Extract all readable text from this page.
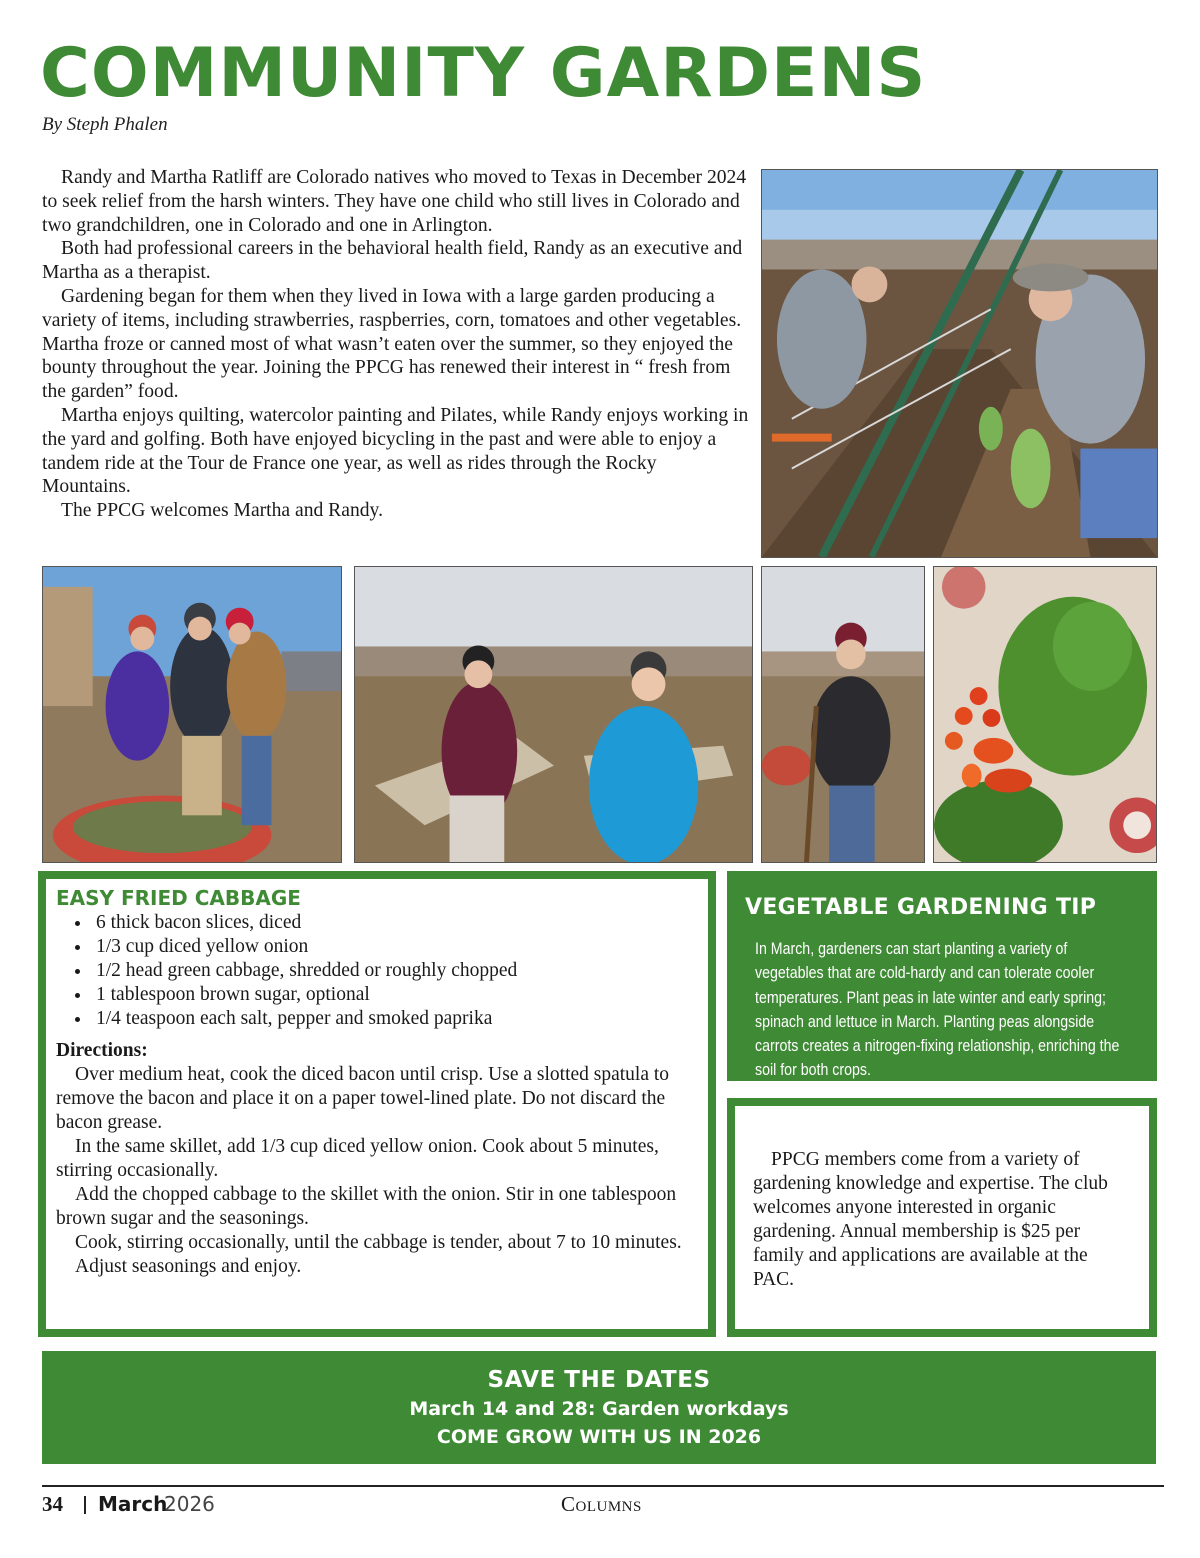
COMMUNITY GARDENS
By Steph Phalen

Randy and Martha Ratliff are Colorado natives who moved to Texas in December 2024 to seek relief from the harsh winters. They have one child who still lives in Colorado and two grandchildren, one in Colorado and one in Arlington.

Both had professional careers in the behavioral health field, Randy as an executive and Martha as a therapist.

Gardening began for them when they lived in Iowa with a large garden producing a variety of items, including strawberries, raspberries, corn, tomatoes and other vegetables. Martha froze or canned most of what wasn’t eaten over the summer, so they enjoyed the bounty throughout the year. Joining the PPCG has renewed their interest in “ fresh from the garden” food.

Martha enjoys quilting, watercolor painting and Pilates, while Randy enjoys working in the yard and golfing. Both have enjoyed bicycling in the past and were able to enjoy a tandem ride at the Tour de France one year, as well as rides through the Rocky Mountains.

The PPCG welcomes Martha and Randy.

EASY FRIED CABBAGE
• 6 thick bacon slices, diced
• 1/3 cup diced yellow onion
• 1/2 head green cabbage, shredded or roughly chopped
• 1 tablespoon brown sugar, optional
• 1/4 teaspoon each salt, pepper and smoked paprika
Directions:

Over medium heat, cook the diced bacon until crisp. Use a slotted spatula to remove the bacon and place it on a paper towel-lined plate. Do not discard the bacon grease.

In the same skillet, add 1/3 cup diced yellow onion. Cook about 5 minutes, stirring occasionally.

Add the chopped cabbage to the skillet with the onion. Stir in one tablespoon brown sugar and the seasonings.

Cook, stirring occasionally, until the cabbage is tender, about 7 to 10 minutes.

Adjust seasonings and enjoy.

VEGETABLE GARDENING TIP

In March, gardeners can start planting a variety of vegetables that are cold-hardy and can tolerate cooler temperatures. Plant peas in late winter and early spring; spinach and lettuce in March. Planting peas alongside carrots creates a nitrogen-fixing relationship, enriching the soil for both crops.

PPCG members come from a variety of gardening knowledge and expertise. The club welcomes anyone interested in organic gardening. Annual membership is $25 per family and applications are available at the PAC.

SAVE THE DATES
March 14 and 28: Garden workdays
COME GROW WITH US IN 2026
34 March
2026	Columns
